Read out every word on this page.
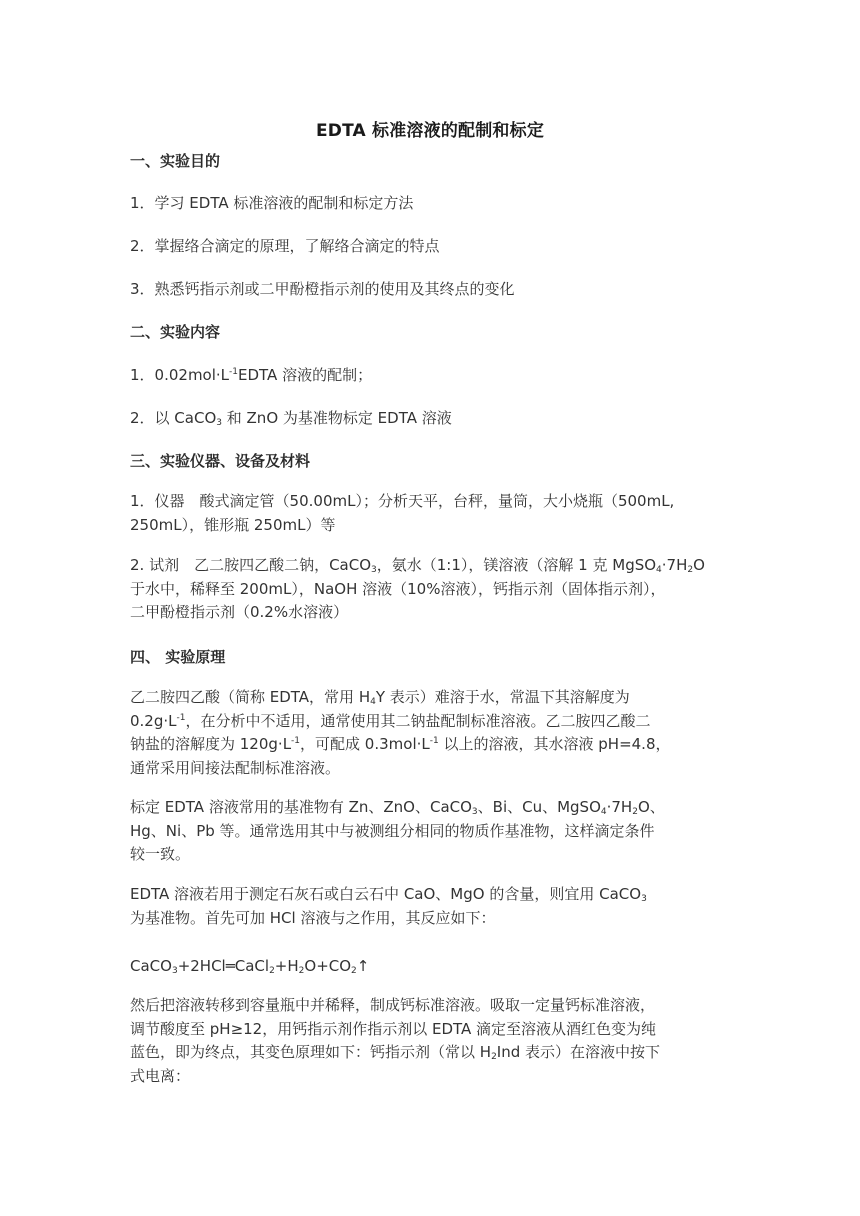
EDTA 标准溶液的配制和标定
一、实验目的
1．学习 EDTA 标准溶液的配制和标定方法
2．掌握络合滴定的原理，了解络合滴定的特点
3．熟悉钙指示剂或二甲酚橙指示剂的使用及其终点的变化
二、实验内容
1．$0.02mol\cdot L^{-1}EDTA$ 溶液的配制；
2．以 CaCO$_3$ 和 ZnO 为基准物标定 EDTA 溶液
三、实验仪器、设备及材料
1．仪器　酸式滴定管（50.00mL）；分析天平，台秤，量筒，大小烧瓶（500mL,
250mL），锥形瓶 250mL）等
2. 试剂　乙二胺四乙酸二钠，CaCO$_3$，氨水（1:1），镁溶液（溶解 1 克 $MgSO_4\cdot 7H_2O$
于水中，稀释至 200mL），NaOH 溶液（10%溶液），钙指示剂（固体指示剂），
二甲酚橙指示剂（0.2%水溶液）
四、 实验原理
乙二胺四乙酸（简称 EDTA，常用 $H_4Y$ 表示）难溶于水，常温下其溶解度为
$0.2g\cdot L^{-1}$，在分析中不适用，通常使用其二钠盐配制标准溶液。乙二胺四乙酸二
钠盐的溶解度为 $120g\cdot L^{-1}$，可配成 $0.3mol\cdot L^{-1}$ 以上的溶液，其水溶液 pH=4.8，
通常采用间接法配制标准溶液。
标定 EDTA 溶液常用的基准物有 Zn、ZnO、CaCO$_3$、Bi、Cu、$MgSO_4\cdot 7H_2O$、
Hg、Ni、Pb 等。通常选用其中与被测组分相同的物质作基准物，这样滴定条件
较一致。
EDTA 溶液若用于测定石灰石或白云石中 CaO、MgO 的含量，则宜用 CaCO$_3$
为基准物。首先可加 HCl 溶液与之作用，其反应如下：
$CaCO_3+2HCl═CaCl_2+H_2O+CO_2↑$
然后把溶液转移到容量瓶中并稀释，制成钙标准溶液。吸取一定量钙标准溶液，
调节酸度至 pH≥12，用钙指示剂作指示剂以 EDTA 滴定至溶液从酒红色变为纯
蓝色，即为终点，其变色原理如下：钙指示剂（常以 $H_2Ind$ 表示）在溶液中按下
式电离：
